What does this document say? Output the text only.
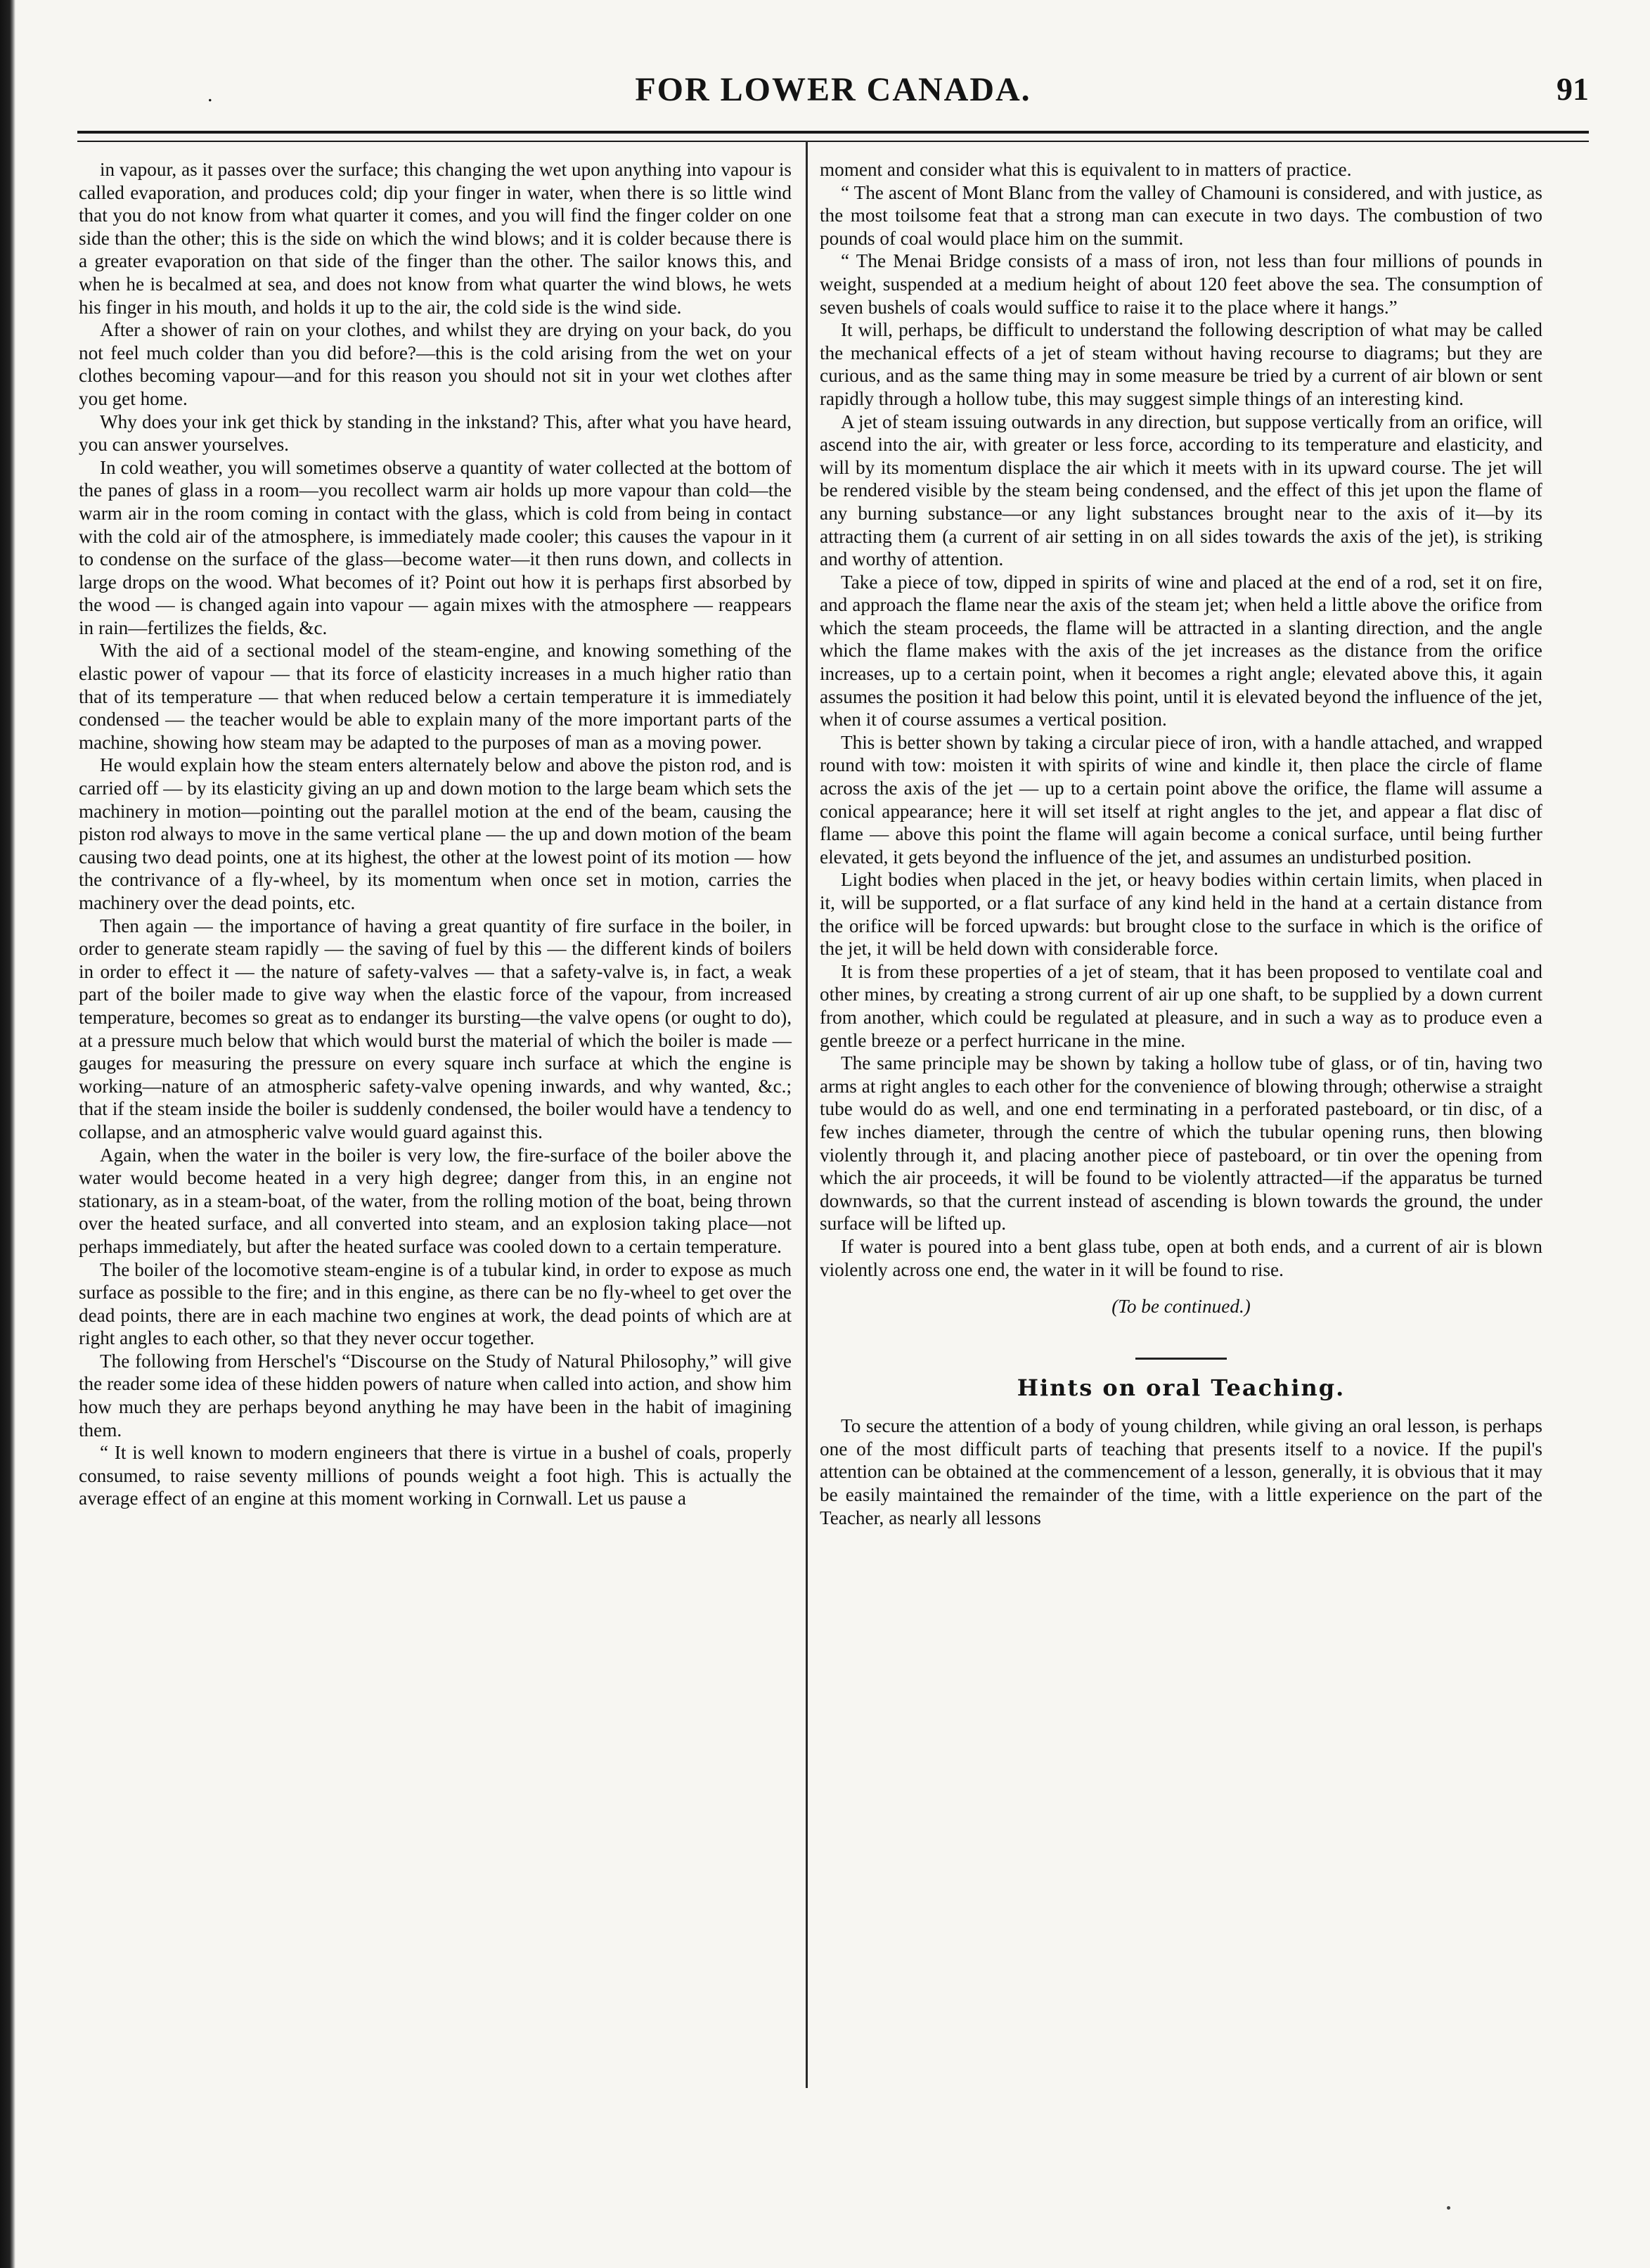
.	FOR LOWER CANADA.	91

in vapour, as it passes over the surface; this changing the wet upon anything into vapour is called evaporation, and produces cold; dip your finger in water, when there is so little wind that you do not know from what quarter it comes, and you will find the finger colder on one side than the other; this is the side on which the wind blows; and it is colder because there is a greater evaporation on that side of the finger than the other. The sailor knows this, and when he is becalmed at sea, and does not know from what quarter the wind blows, he wets his finger in his mouth, and holds it up to the air, the cold side is the wind side.

After a shower of rain on your clothes, and whilst they are drying on your back, do you not feel much colder than you did before?—this is the cold arising from the wet on your clothes becoming vapour—and for this reason you should not sit in your wet clothes after you get home.

Why does your ink get thick by standing in the inkstand? This, after what you have heard, you can answer yourselves.

In cold weather, you will sometimes observe a quantity of water collected at the bottom of the panes of glass in a room—you recollect warm air holds up more vapour than cold—the warm air in the room coming in contact with the glass, which is cold from being in contact with the cold air of the atmosphere, is immediately made cooler; this causes the vapour in it to condense on the surface of the glass—become water—it then runs down, and collects in large drops on the wood. What becomes of it? Point out how it is perhaps first absorbed by the wood — is changed again into vapour — again mixes with the atmosphere — reappears in rain—fertilizes the fields, &c.

With the aid of a sectional model of the steam-engine, and knowing something of the elastic power of vapour — that its force of elasticity increases in a much higher ratio than that of its temperature — that when reduced below a certain temperature it is immediately condensed — the teacher would be able to explain many of the more important parts of the machine, showing how steam may be adapted to the purposes of man as a moving power.

He would explain how the steam enters alternately below and above the piston rod, and is carried off — by its elasticity giving an up and down motion to the large beam which sets the machinery in motion—pointing out the parallel motion at the end of the beam, causing the piston rod always to move in the same vertical plane — the up and down motion of the beam causing two dead points, one at its highest, the other at the lowest point of its motion — how the contrivance of a fly-wheel, by its momentum when once set in motion, carries the machinery over the dead points, etc.

Then again — the importance of having a great quantity of fire surface in the boiler, in order to generate steam rapidly — the saving of fuel by this — the different kinds of boilers in order to effect it — the nature of safety-valves — that a safety-valve is, in fact, a weak part of the boiler made to give way when the elastic force of the vapour, from increased temperature, becomes so great as to endanger its bursting—the valve opens (or ought to do), at a pressure much below that which would burst the material of which the boiler is made — gauges for measuring the pressure on every square inch surface at which the engine is working—nature of an atmospheric safety-valve opening inwards, and why wanted, &c.; that if the steam inside the boiler is suddenly condensed, the boiler would have a tendency to collapse, and an atmospheric valve would guard against this.

Again, when the water in the boiler is very low, the fire-surface of the boiler above the water would become heated in a very high degree; danger from this, in an engine not stationary, as in a steam-boat, of the water, from the rolling motion of the boat, being thrown over the heated surface, and all converted into steam, and an explosion taking place—not perhaps immediately, but after the heated surface was cooled down to a certain temperature.

The boiler of the locomotive steam-engine is of a tubular kind, in order to expose as much surface as possible to the fire; and in this engine, as there can be no fly-wheel to get over the dead points, there are in each machine two engines at work, the dead points of which are at right angles to each other, so that they never occur together.

The following from Herschel's “Discourse on the Study of Natural Philosophy,” will give the reader some idea of these hidden powers of nature when called into action, and show him how much they are perhaps beyond anything he may have been in the habit of imagining them.

“ It is well known to modern engineers that there is virtue in a bushel of coals, properly consumed, to raise seventy millions of pounds weight a foot high. This is actually the average effect of an engine at this moment working in Cornwall. Let us pause a

moment and consider what this is equivalent to in matters of practice.

“ The ascent of Mont Blanc from the valley of Chamouni is considered, and with justice, as the most toilsome feat that a strong man can execute in two days. The combustion of two pounds of coal would place him on the summit.

“ The Menai Bridge consists of a mass of iron, not less than four millions of pounds in weight, suspended at a medium height of about 120 feet above the sea. The consumption of seven bushels of coals would suffice to raise it to the place where it hangs.”

It will, perhaps, be difficult to understand the following description of what may be called the mechanical effects of a jet of steam without having recourse to diagrams; but they are curious, and as the same thing may in some measure be tried by a current of air blown or sent rapidly through a hollow tube, this may suggest simple things of an interesting kind.

A jet of steam issuing outwards in any direction, but suppose vertically from an orifice, will ascend into the air, with greater or less force, according to its temperature and elasticity, and will by its momentum displace the air which it meets with in its upward course. The jet will be rendered visible by the steam being condensed, and the effect of this jet upon the flame of any burning substance—or any light substances brought near to the axis of it—by its attracting them (a current of air setting in on all sides towards the axis of the jet), is striking and worthy of attention.

Take a piece of tow, dipped in spirits of wine and placed at the end of a rod, set it on fire, and approach the flame near the axis of the steam jet; when held a little above the orifice from which the steam proceeds, the flame will be attracted in a slanting direction, and the angle which the flame makes with the axis of the jet increases as the distance from the orifice increases, up to a certain point, when it becomes a right angle; elevated above this, it again assumes the position it had below this point, until it is elevated beyond the influence of the jet, when it of course assumes a vertical position.

This is better shown by taking a circular piece of iron, with a handle attached, and wrapped round with tow: moisten it with spirits of wine and kindle it, then place the circle of flame across the axis of the jet — up to a certain point above the orifice, the flame will assume a conical appearance; here it will set itself at right angles to the jet, and appear a flat disc of flame — above this point the flame will again become a conical surface, until being further elevated, it gets beyond the influence of the jet, and assumes an undisturbed position.

Light bodies when placed in the jet, or heavy bodies within certain limits, when placed in it, will be supported, or a flat surface of any kind held in the hand at a certain distance from the orifice will be forced upwards: but brought close to the surface in which is the orifice of the jet, it will be held down with considerable force.

It is from these properties of a jet of steam, that it has been proposed to ventilate coal and other mines, by creating a strong current of air up one shaft, to be supplied by a down current from another, which could be regulated at pleasure, and in such a way as to produce even a gentle breeze or a perfect hurricane in the mine.

The same principle may be shown by taking a hollow tube of glass, or of tin, having two arms at right angles to each other for the convenience of blowing through; otherwise a straight tube would do as well, and one end terminating in a perforated pasteboard, or tin disc, of a few inches diameter, through the centre of which the tubular opening runs, then blowing violently through it, and placing another piece of pasteboard, or tin over the opening from which the air proceeds, it will be found to be violently attracted—if the apparatus be turned downwards, so that the current instead of ascending is blown towards the ground, the under surface will be lifted up.

If water is poured into a bent glass tube, open at both ends, and a current of air is blown violently across one end, the water in it will be found to rise.

(To be continued.)

Hints on oral Teaching.

To secure the attention of a body of young children, while giving an oral lesson, is perhaps one of the most difficult parts of teaching that presents itself to a novice. If the pupil's attention can be obtained at the commencement of a lesson, generally, it is obvious that it may be easily maintained the remainder of the time, with a little experience on the part of the Teacher, as nearly all lessons
